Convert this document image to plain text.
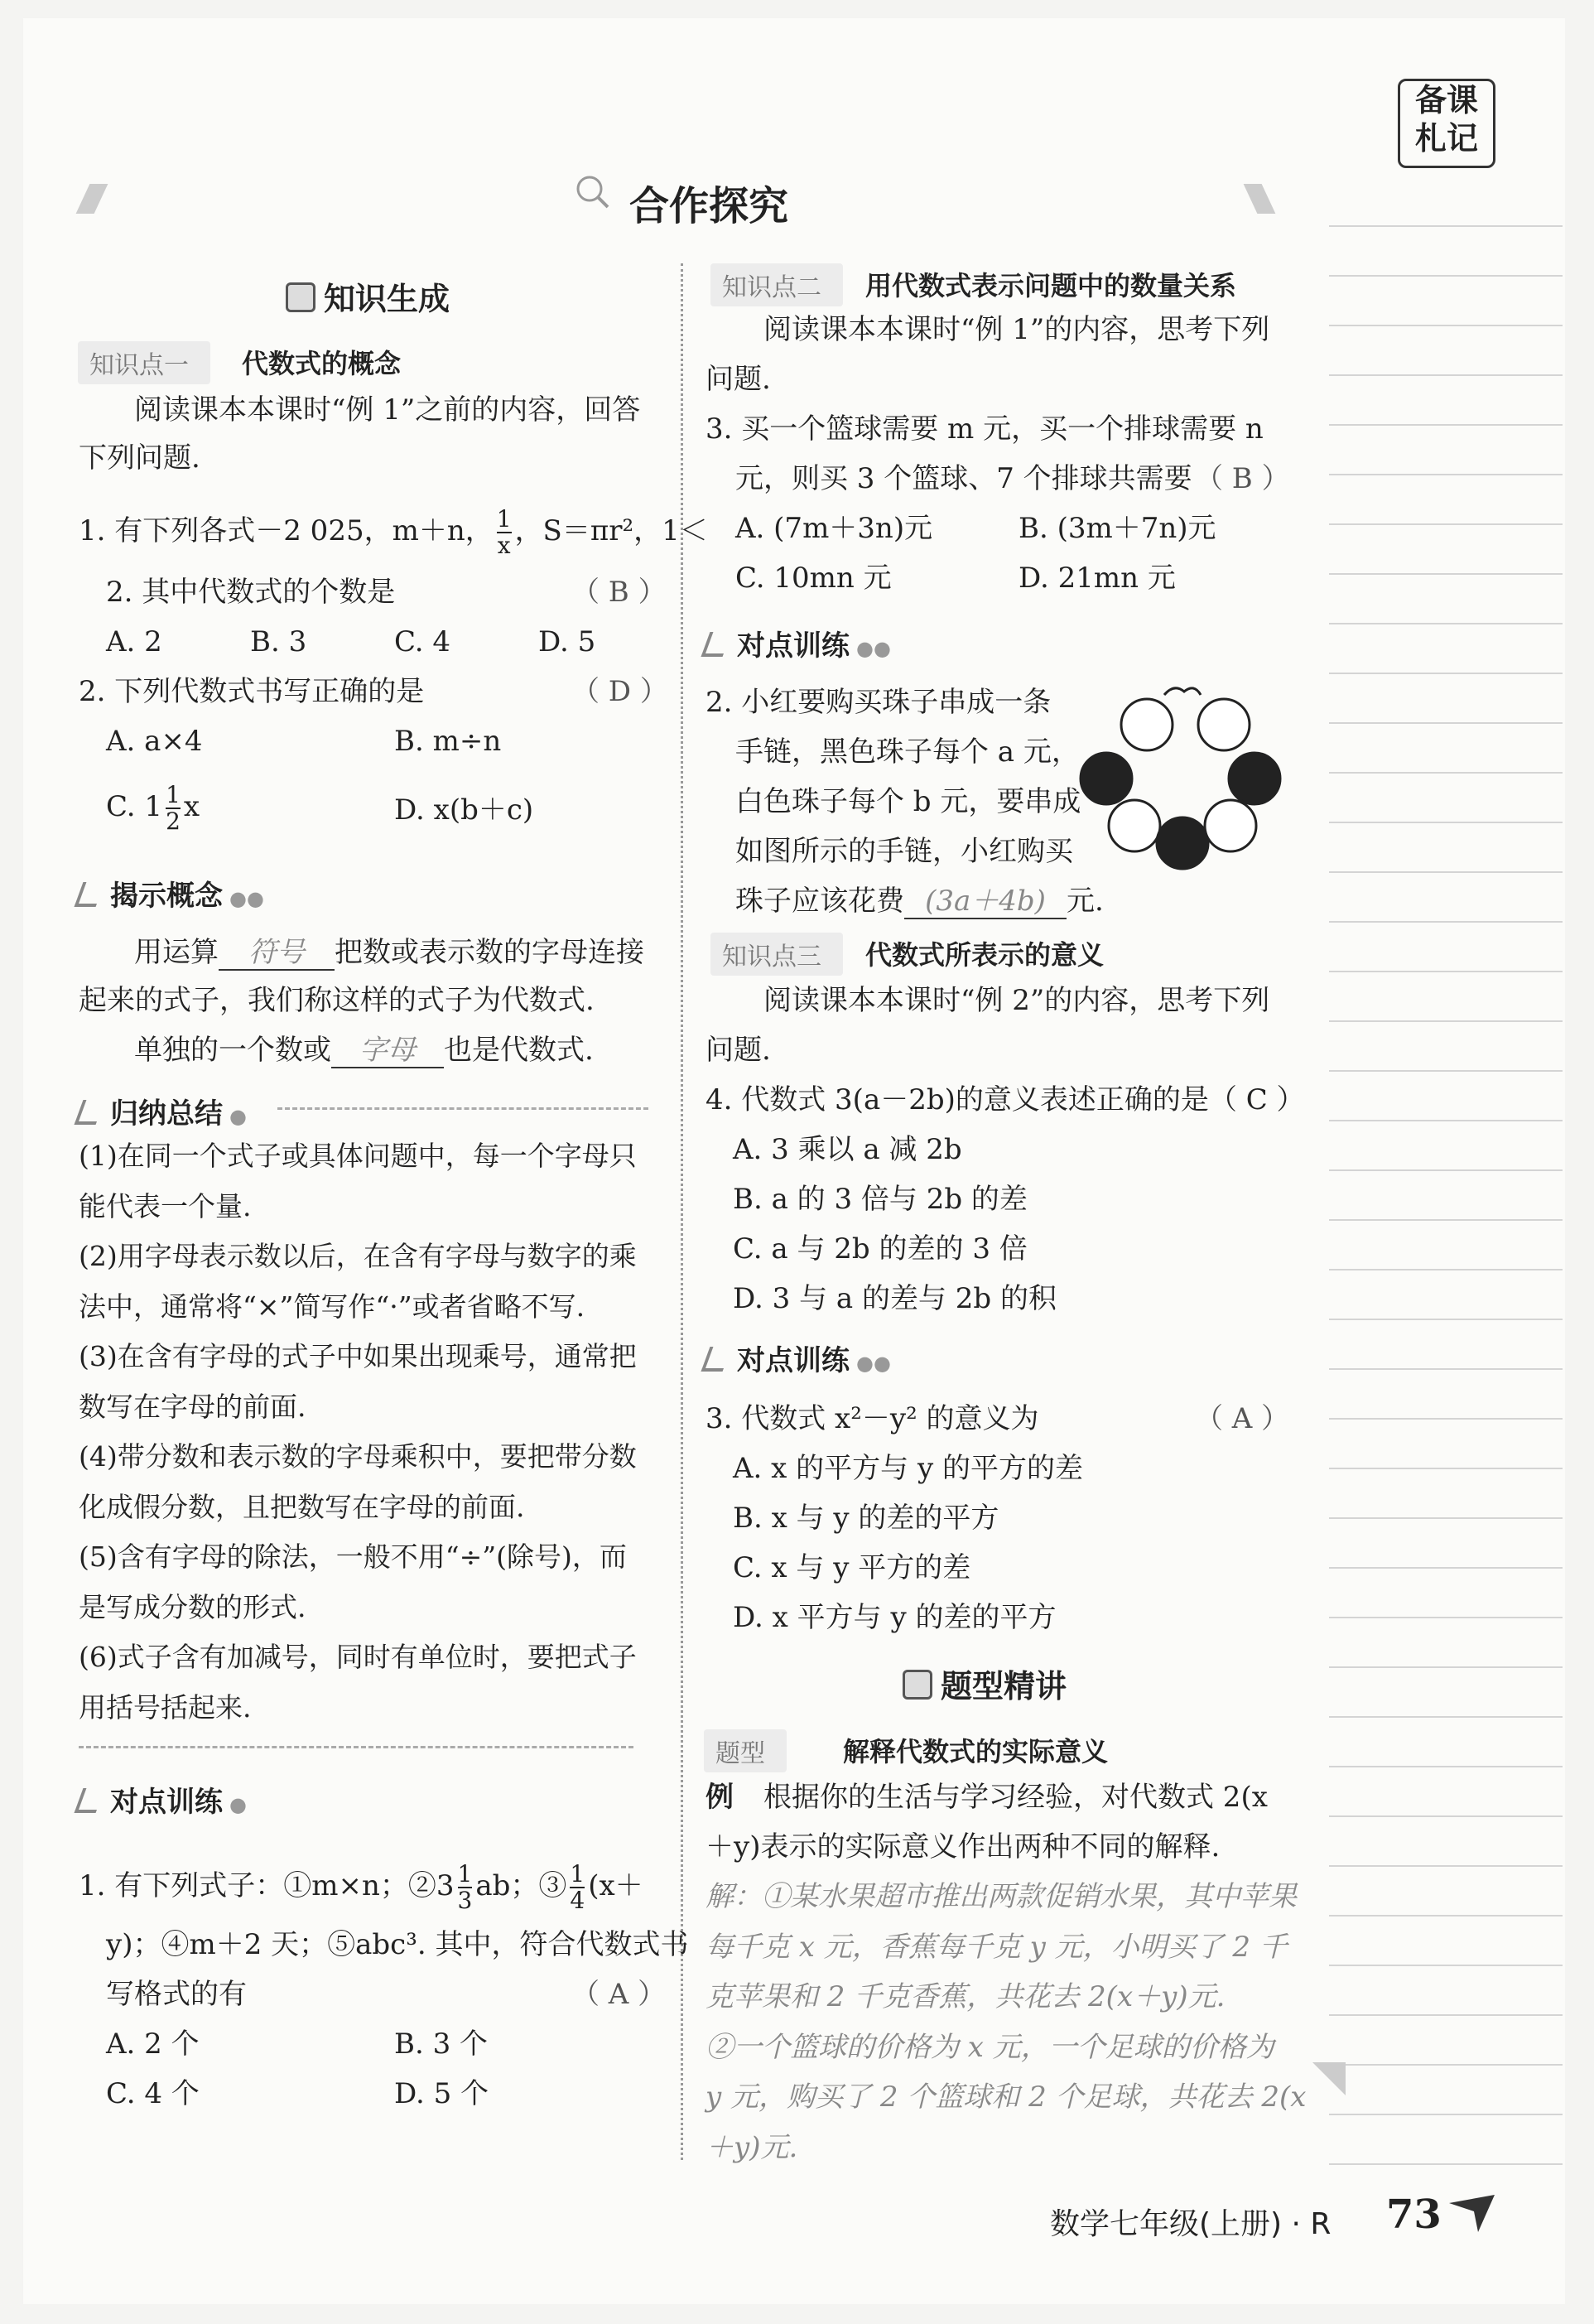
备课
札记
合作探究
知识生成
知识点一	代数式的概念
阅读课本本课时“例 1”之前的内容，回答
下列问题.
1. 有下列各式－2 025，m＋n， $\frac{1}{x}$ ，S＝πr²，1＜
2. 其中代数式的个数是	（ B ）
A. 2	B. 3	C. 4	D. 5
2. 下列代数式书写正确的是	（ D ）
A. a×4	B. m÷n
C. $1 \frac{1}{2}$ x	D. x(b＋c)
揭示概念 ●●
用运算 符号 把数或表示数的字母连接
起来的式子，我们称这样的式子为代数式.
单独的一个数或 字母 也是代数式.
归纳总结 ●
(1)在同一个式子或具体问题中，每一个字母只
能代表一个量.
(2)用字母表示数以后，在含有字母与数字的乘
法中，通常将“×”简写作“·”或者省略不写.
(3)在含有字母的式子中如果出现乘号，通常把
数写在字母的前面.
(4)带分数和表示数的字母乘积中，要把带分数
化成假分数，且把数写在字母的前面.
(5)含有字母的除法，一般不用“÷”(除号)，而
是写成分数的形式.
(6)式子含有加减号，同时有单位时，要把式子
用括号括起来.
对点训练 ●
1. 有下列式子：①m×n；②3 $\frac{1}{3}$ ab；③ $\frac{1}{4} (x+$
y)；④m＋2 天；⑤abc³. 其中，符合代数式书
写格式的有	（ A ）
A. 2 个	B. 3 个
C. 4 个	D. 5 个
知识点二	用代数式表示问题中的数量关系
阅读课本本课时“例 1”的内容，思考下列
问题.
3. 买一个篮球需要 m 元，买一个排球需要 n
元，则买 3 个篮球、7 个排球共需要 （ B ）
A. (7m＋3n)元	B. (3m＋7n)元
C. 10mn 元	D. 21mn 元
对点训练 ●●
2. 小红要购买珠子串成一条
手链，黑色珠子每个 a 元，
白色珠子每个 b 元，要串成
如图所示的手链，小红购买
珠子应该花费 (3a＋4b) 元.
知识点三	代数式所表示的意义
阅读课本本课时“例 2”的内容，思考下列
问题.
4. 代数式 3(a－2b)的意义表述正确的是（ C ）
A. 3 乘以 a 减 2b
B. a 的 3 倍与 2b 的差
C. a 与 2b 的差的 3 倍
D. 3 与 a 的差与 2b 的积
对点训练 ●●
3. 代数式 x²－y² 的意义为	（ A ）
A. x 的平方与 y 的平方的差
B. x 与 y 的差的平方
C. x 与 y 平方的差
D. x 平方与 y 的差的平方
题型精讲
题型	解释代数式的实际意义
例 根据你的生活与学习经验，对代数式 2(x
＋y)表示的实际意义作出两种不同的解释.
解：①某水果超市推出两款促销水果，其中苹果
每千克 x 元，香蕉每千克 y 元，小明买了 2 千
克苹果和 2 千克香蕉，共花去 2(x＋y)元.
②一个篮球的价格为 x 元，一个足球的价格为
y 元，购买了 2 个篮球和 2 个足球，共花去 2(x
＋y)元.
数学七年级(上册) · R 73
